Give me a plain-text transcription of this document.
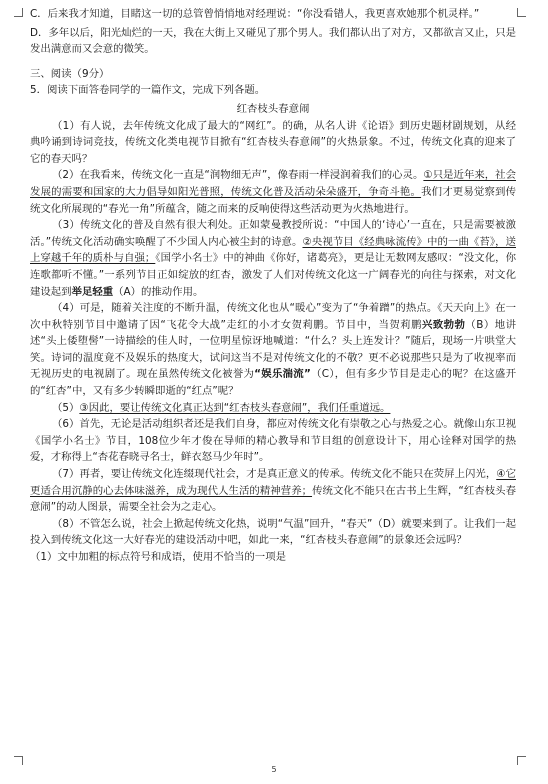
C．后来我才知道，目睹这一切的总管曾悄悄地对经理说：“你没看错人，我更喜欢她那个机灵样。”

D．多年以后，阳光灿烂的一天，我在大街上又碰见了那个男人。我们都认出了对方，又都欲言又止，只是发出满意而又会意的微笑。

三、阅读（9分）

5．阅读下面答卷同学的一篇作文，完成下列各题。

红杏枝头春意闹

（1）有人说，去年传统文化成了最大的“网红”。的确，从名人讲《论语》到历史题材剧规划，从经典吟诵到诗词竞技，传统文化类电视节目掀有“红杏枝头春意闹”的火热景象。不过，传统文化真的迎来了它的春天吗？

（2）在我看来，传统文化一直是“润物细无声”，像春雨一样浸润着我们的心灵。①只是近年来，社会发展的需要和国家的大力倡导如阳光普照，传统文化普及活动朵朵盛开，争奇斗艳。我们才更易觉察到传统文化所展现的“春光一角”所蕴含，随之而来的反响使得这些活动更为火热地进行。

（3）传统文化的普及自然有很大利处。正如蒙曼教授所说：“中国人的‘诗心’一直在，只是需要被激活。”传统文化活动确实唤醒了不少国人内心被尘封的诗意。②央视节目《经典咏流传》中的一曲《苔》，送上穿越千年的质朴与自强；《国学小名士》中的神曲《你好，诸葛亮》，更是让无数网友感叹：“没文化，你连歌都听不懂。”一系列节目正如绽放的红杏，激发了人们对传统文化这一广阔春光的向往与探索，对文化建设起到举足轻重（A）的推动作用。

（4）可是，随着关注度的不断升温，传统文化也从“暖心”变为了“争着蹭”的热点。《天天向上》在一次中秋特别节目中邀请了因“飞花令大战”走红的小才女贺莉鹏。节目中，当贺莉鹏兴致勃勃（B）地讲述“头上倭堕髻”一诗描绘的佳人时，一位明星惊讶地喊道：“什么？头上连发计？”随后，现场一片哄堂大笑。诗词的温度竟不及娱乐的热度大，试问这当不是对传统文化的不敬？更不必说那些只是为了收视率而无视历史的电视剧了。现在虽然传统文化被誉为“娱乐湍流”（C），但有多少节目是走心的呢？在这盛开的“红杏”中，又有多少转瞬即逝的“红点”呢？

（5）③因此，要让传统文化真正达到“红杏枝头春意闹”，我们任重道远。

（6）首先，无论是活动组织者还是我们自身，都应对传统文化有崇敬之心与热爱之心。就像山东卫视《国学小名士》节目，108位少年才俊在导师的精心教导和节目组的创意设计下，用心诠释对国学的热爱，才称得上“杏花春晓寻名士，鲜衣怒马少年时”。

（7）再者，要让传统文化连缀现代社会，才是真正意义的传承。传统文化不能只在荧屏上闪光，④它更适合用沉静的心去体味滋养，成为现代人生活的精神营养；传统文化不能只在古书上生辉，“红杏枝头春意闹”的动人图景，需要全社会为之走心。

（8）不管怎么说，社会上掀起传统文化热，说明“气温”回升，“春天”（D）就要来到了。让我们一起投入到传统文化这一大好春光的建设活动中吧，如此一来，“红杏枝头春意闹”的景象还会远吗？

（1）文中加粗的标点符号和成语，使用不恰当的一项是

5
